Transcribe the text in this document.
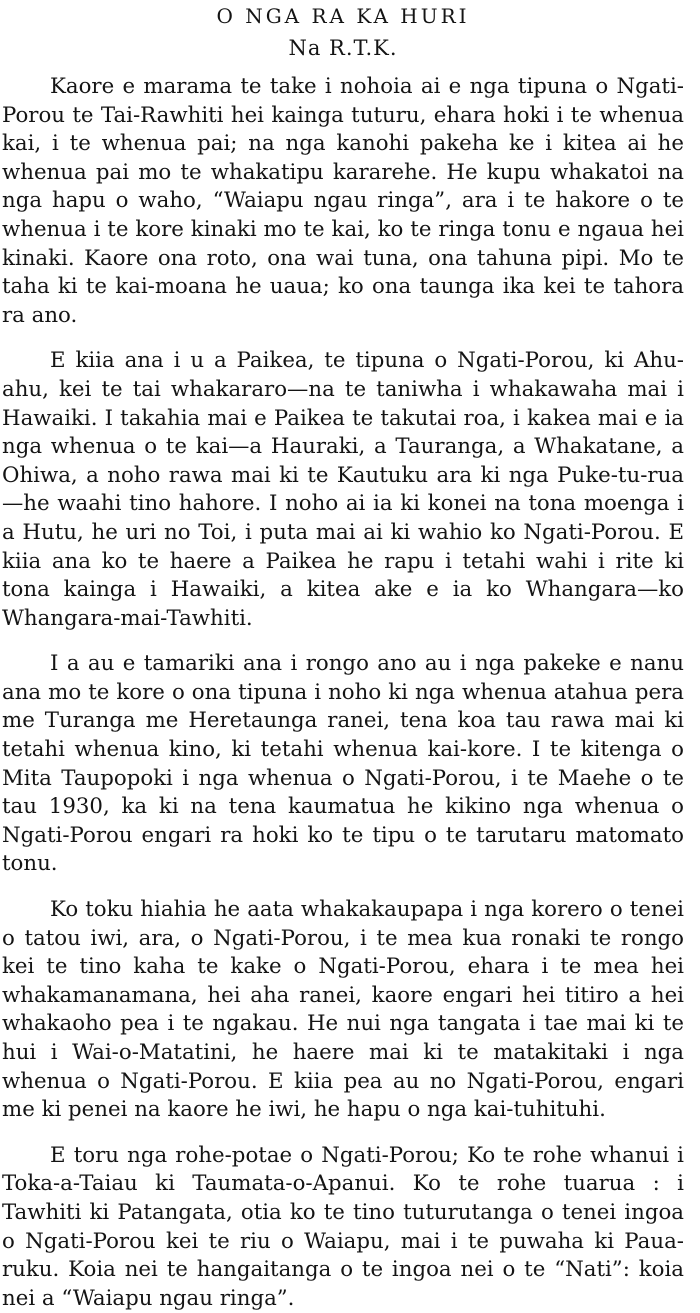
O NGA RA KA HURI
Na R.T.K.

Kaore e marama te take i nohoia ai e nga tipuna o Ngati-Porou te Tai-Rawhiti hei kainga tuturu, ehara hoki i te whenua kai, i te whenua pai; na nga kanohi pakeha ke i kitea ai he whenua pai mo te whakatipu kararehe. He kupu whakatoi na nga hapu o waho, “Waiapu ngau ringa”, ara i te hakore o te whenua i te kore kinaki mo te kai, ko te ringa tonu e ngaua hei kinaki. Kaore ona roto, ona wai tuna, ona tahuna pipi. Mo te taha ki te kai-moana he uaua; ko ona taunga ika kei te tahora ra ano.

E kiia ana i u a Paikea, te tipuna o Ngati-Porou, ki Ahuahu, kei te tai whakararo—na te taniwha i whakawaha mai i Hawaiki. I takahia mai e Paikea te takutai roa, i kakea mai e ia nga whenua o te kai—a Hauraki, a Tauranga, a Whakatane, a Ohiwa, a noho rawa mai ki te Kautuku ara ki nga Puke-tu-rua—he waahi tino hahore. I noho ai ia ki konei na tona moenga i a Hutu, he uri no Toi, i puta mai ai ki wahio ko Ngati-Porou. E kiia ana ko te haere a Paikea he rapu i tetahi wahi i rite ki tona kainga i Hawaiki, a kitea ake e ia ko Whangara—ko Whangara-mai-Tawhiti.

I a au e tamariki ana i rongo ano au i nga pakeke e nanu ana mo te kore o ona tipuna i noho ki nga whenua atahua pera me Turanga me Heretaunga ranei, tena koa tau rawa mai ki tetahi whenua kino, ki tetahi whenua kai-kore. I te kitenga o Mita Taupopoki i nga whenua o Ngati-Porou, i te Maehe o te tau 1930, ka ki na tena kaumatua he kikino nga whenua o Ngati-Porou engari ra hoki ko te tipu o te tarutaru matomato tonu.

Ko toku hiahia he aata whakakaupapa i nga korero o tenei o tatou iwi, ara, o Ngati-Porou, i te mea kua ronaki te rongo kei te tino kaha te kake o Ngati-Porou, ehara i te mea hei whakamanamana, hei aha ranei, kaore engari hei titiro a hei whakaoho pea i te ngakau. He nui nga tangata i tae mai ki te hui i Wai-o-Matatini, he haere mai ki te matakitaki i nga whenua o Ngati-Porou. E kiia pea au no Ngati-Porou, engari me ki penei na kaore he iwi, he hapu o nga kai-tuhituhi.

E toru nga rohe-potae o Ngati-Porou; Ko te rohe whanui i Toka-a-Taiau ki Taumata-o-Apanui. Ko te rohe tuarua : i Tawhiti ki Patangata, otia ko te tino tuturutanga o tenei ingoa o Ngati-Porou kei te riu o Waiapu, mai i te puwaha ki Pauaruku. Koia nei te hangaitanga o te ingoa nei o te “Nati”: koia nei a “Waiapu ngau ringa”.
